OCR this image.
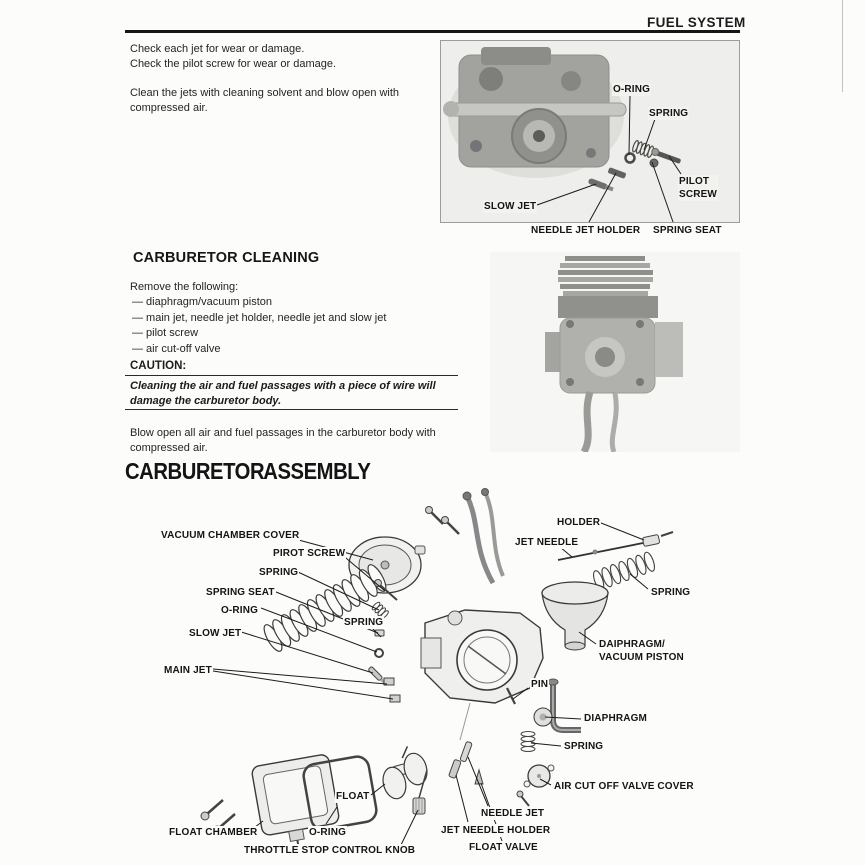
FUEL SYSTEM
Check each jet for wear or damage.
Check the pilot screw for wear or damage.
Clean the jets with cleaning solvent and blow open with compressed air.
O-RING
SPRING
PILOT
SCREW
SLOW JET
NEEDLE JET HOLDER SPRING SEAT
CARBURETOR CLEANING
Remove the following:
— diaphragm/vacuum piston
— main jet, needle jet holder, needle jet and slow jet
— pilot screw
— air cut-off valve
CAUTION:
Cleaning the air and fuel passages with a piece of wire will damage the carburetor body.
Blow open all air and fuel passages in the carburetor body with compressed air.
CARBURETOR ASSEMBLY
VACUUM CHAMBER COVER
PIROT SCREW
SPRING
SPRING SEAT
O-RING
SLOW JET
SPRING
MAIN JET
HOLDER
JET NEEDLE
SPRING
DAIPHRAGM/
VACUUM PISTON
PIN
DIAPHRAGM
SPRING
AIR CUT OFF VALVE COVER
NEEDLE JET
JET NEEDLE HOLDER
FLOAT
FLOAT CHAMBER	O-RING
FLOAT VALVE
THROTTLE STOP CONTROL KNOB
